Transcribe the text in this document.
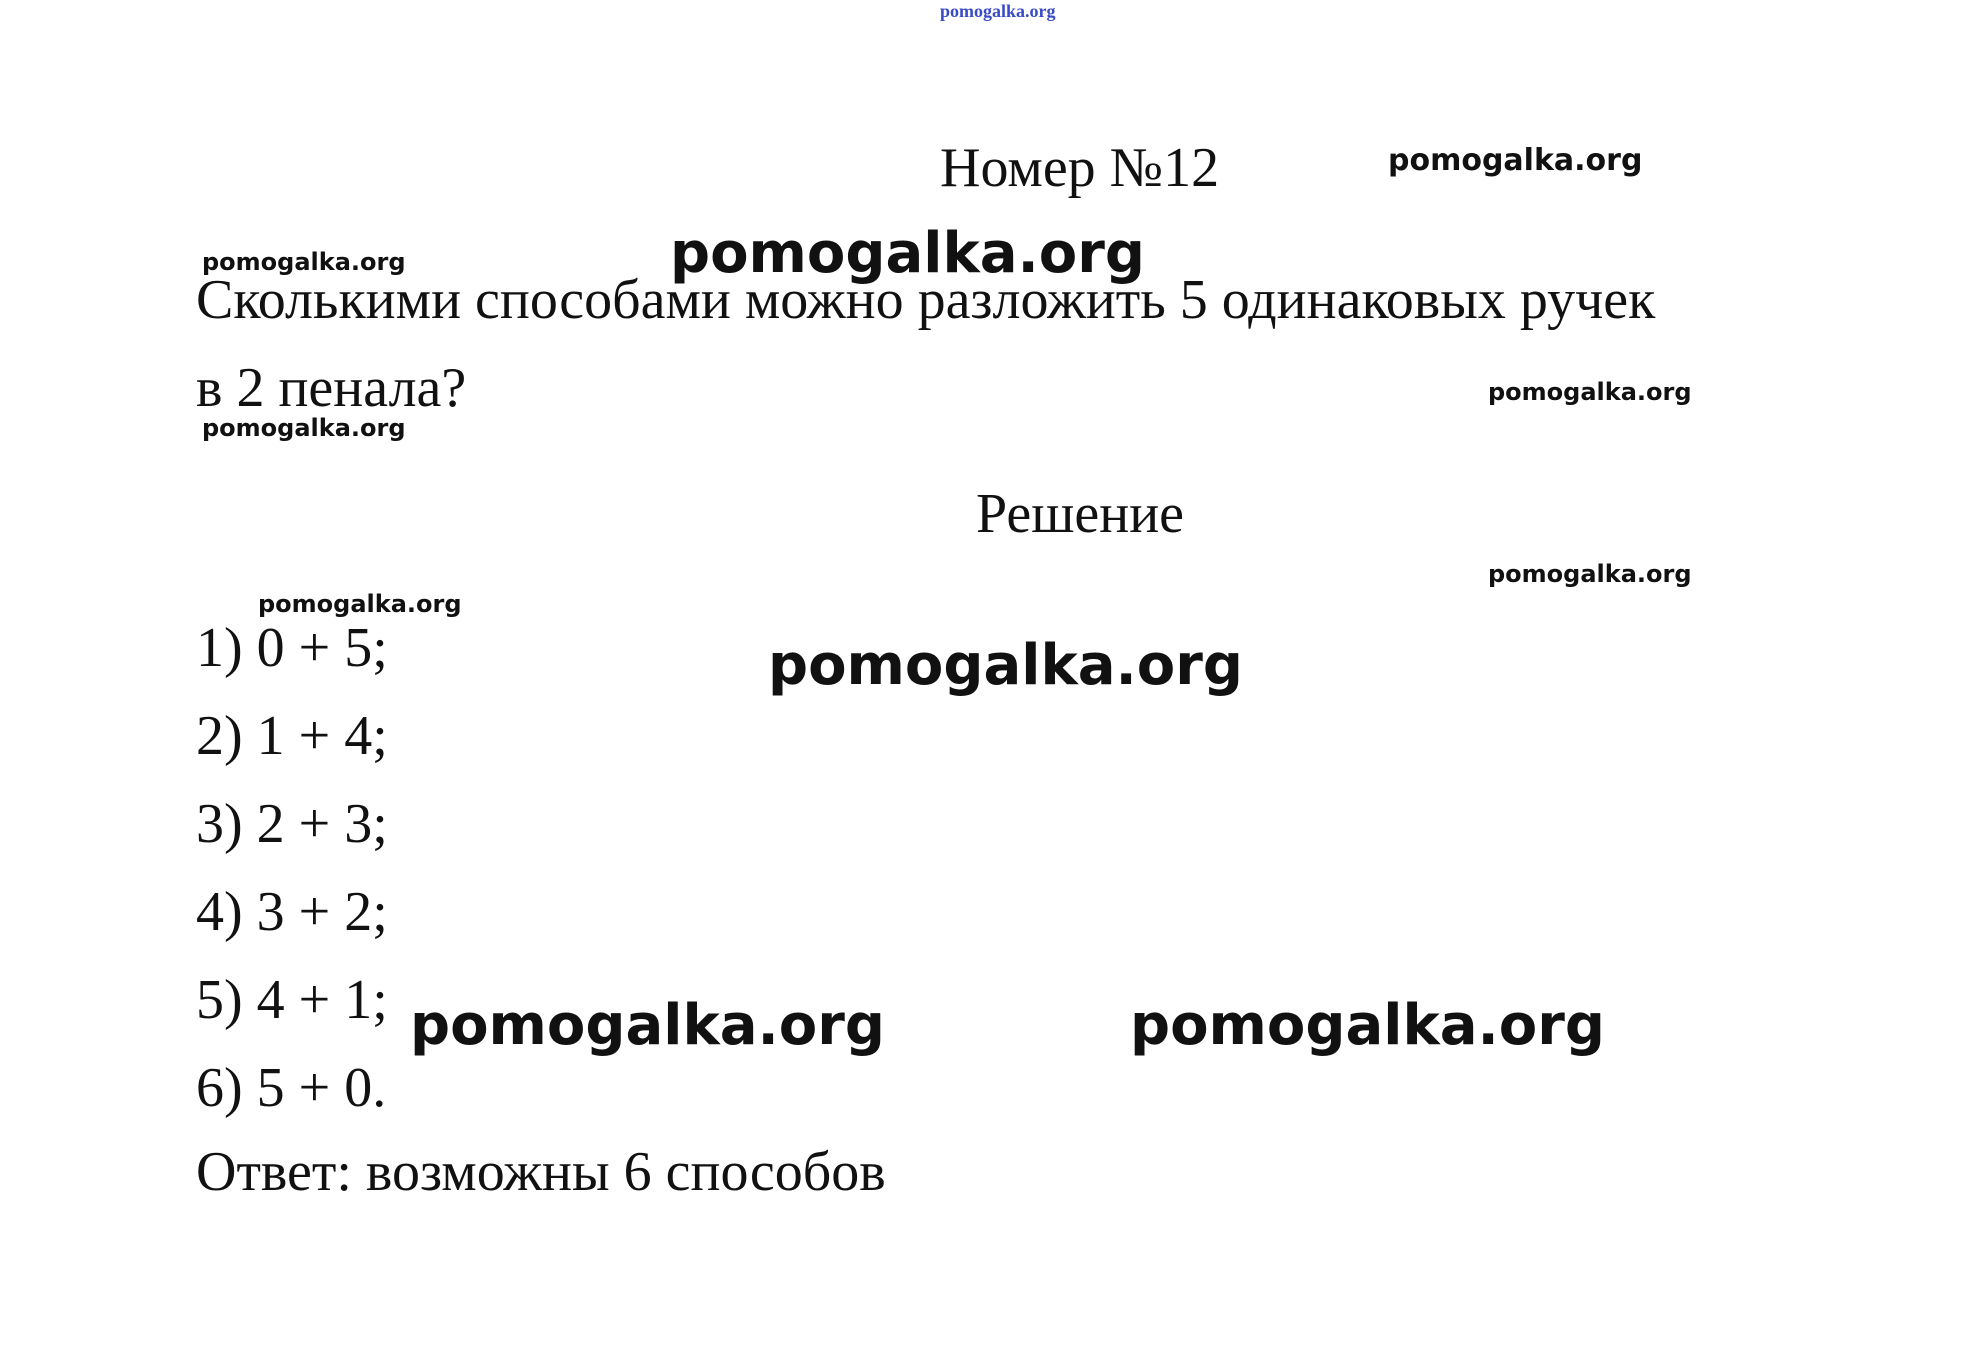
pomogalka.org
Номер №12	pomogalka.org
pomogalka.org	pomogalka.org
Сколькими способами можно разложить 5 одинаковых ручек
в 2 пенала?
pomogalka.org
pomogalka.org
Решение
pomogalka.org
pomogalka.org
1) 0 + 5;	pomogalka.org
2) 1 + 4;
3) 2 + 3;
4) 3 + 2;
5) 4 + 1; pomogalka.org	pomogalka.org
6) 5 + 0.
Ответ: возможны 6 способов
